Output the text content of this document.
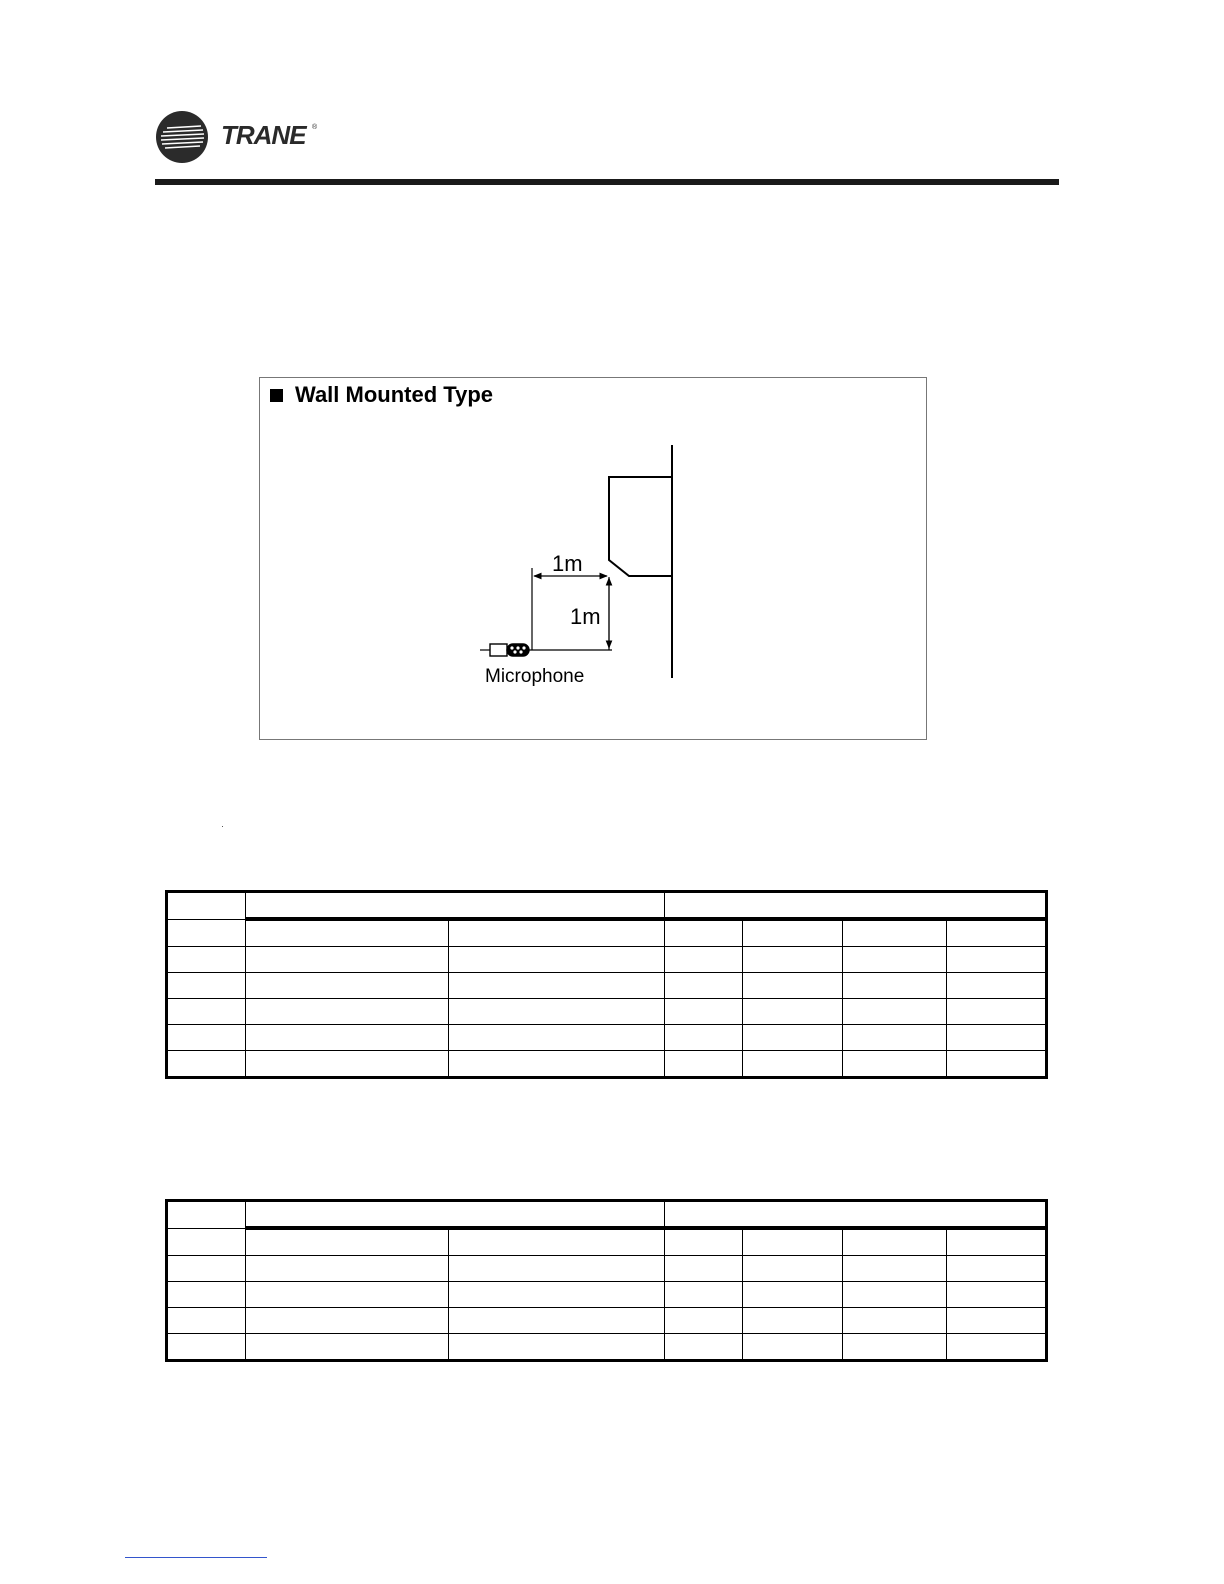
TRANE ®
Wall Mounted Type
1m
1m
Microphone
